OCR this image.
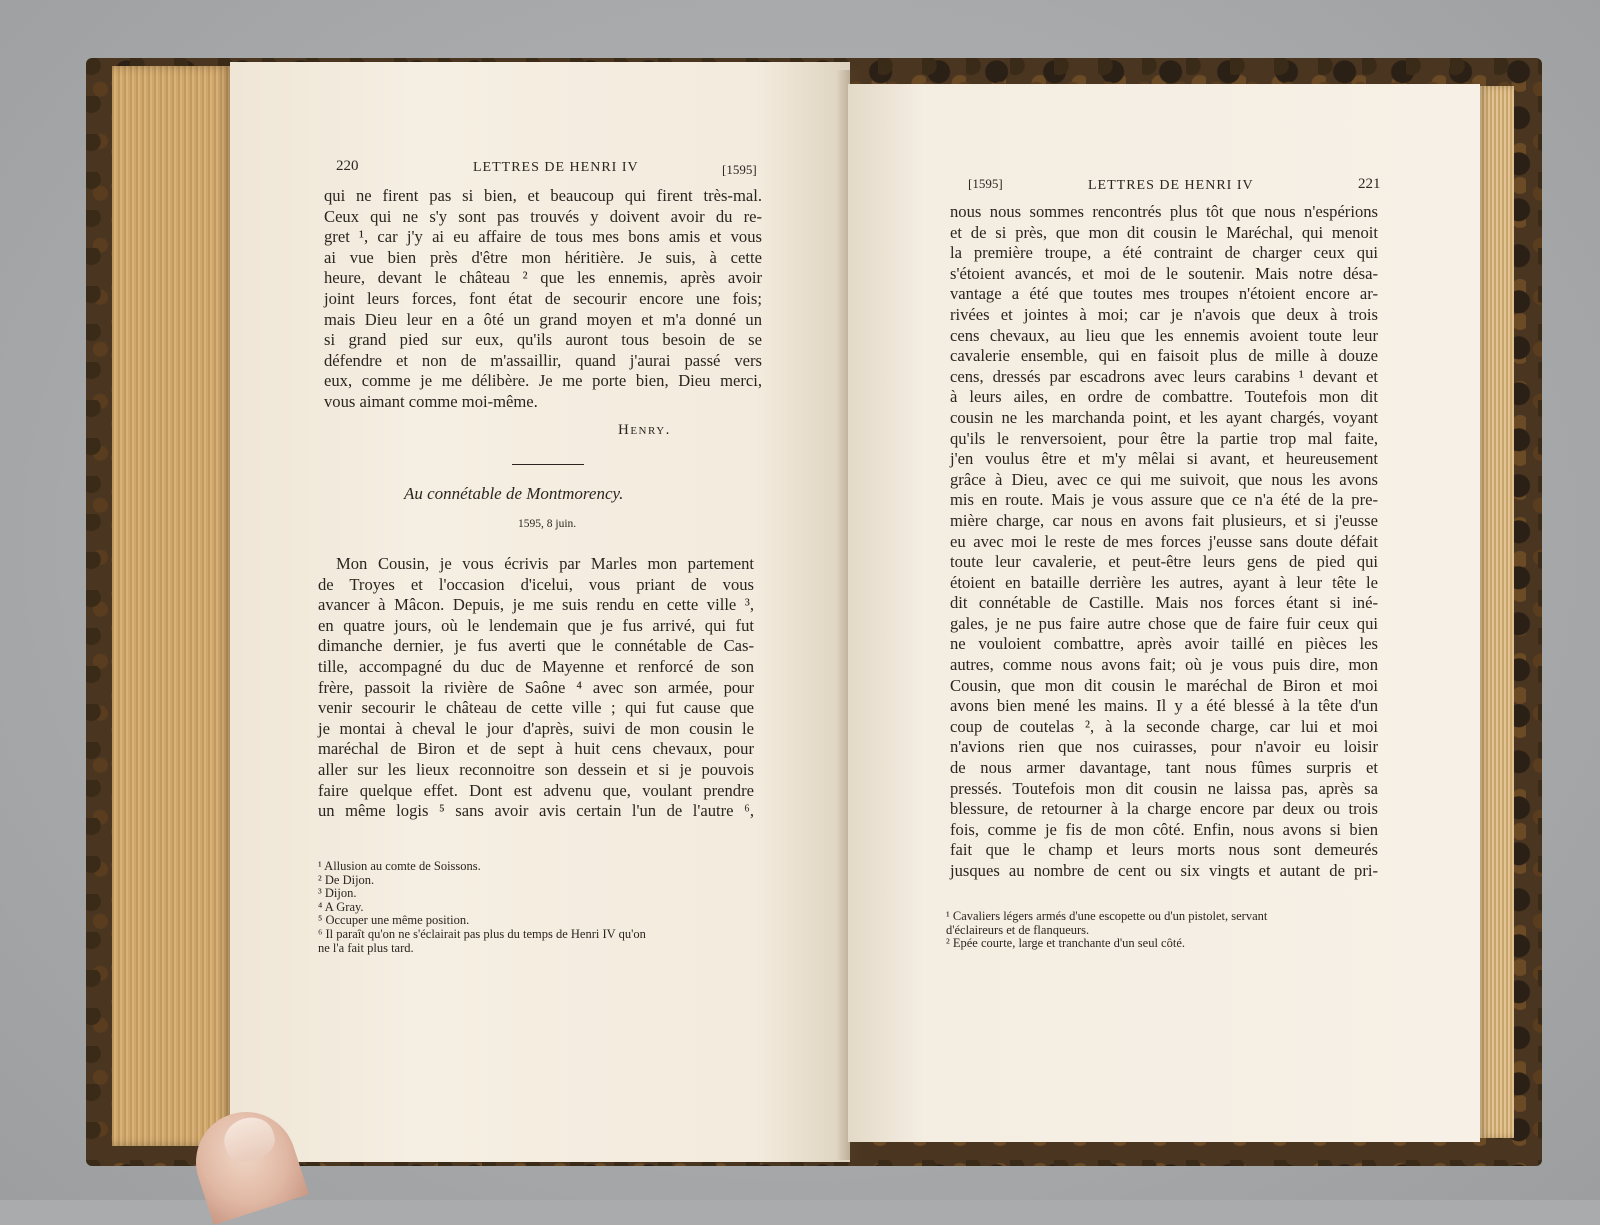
220	LETTRES DE HENRI IV	[1595]
qui ne firent pas si bien, et beaucoup qui firent très-mal.
Ceux qui ne s'y sont pas trouvés y doivent avoir du re-
gret ¹, car j'y ai eu affaire de tous mes bons amis et vous
ai vue bien près d'être mon héritière. Je suis, à cette
heure, devant le château ² que les ennemis, après avoir
joint leurs forces, font état de secourir encore une fois;
mais Dieu leur en a ôté un grand moyen et m'a donné un
si grand pied sur eux, qu'ils auront tous besoin de se
défendre et non de m'assaillir, quand j'aurai passé vers
eux, comme je me délibère. Je me porte bien, Dieu merci,
vous aimant comme moi-même.
Henry.
Au connétable de Montmorency.
1595, 8 juin.
Mon Cousin, je vous écrivis par Marles mon partement
de Troyes et l'occasion d'icelui, vous priant de vous
avancer à Mâcon. Depuis, je me suis rendu en cette ville ³,
en quatre jours, où le lendemain que je fus arrivé, qui fut
dimanche dernier, je fus averti que le connétable de Cas-
tille, accompagné du duc de Mayenne et renforcé de son
frère, passoit la rivière de Saône ⁴ avec son armée, pour
venir secourir le château de cette ville ; qui fut cause que
je montai à cheval le jour d'après, suivi de mon cousin le
maréchal de Biron et de sept à huit cens chevaux, pour
aller sur les lieux reconnoitre son dessein et si je pouvois
faire quelque effet. Dont est advenu que, voulant prendre
un même logis ⁵ sans avoir avis certain l'un de l'autre ⁶,
¹ Allusion au comte de Soissons.
² De Dijon.
³ Dijon.
⁴ A Gray.
⁵ Occuper une même position.
⁶ Il paraît qu'on ne s'éclairait pas plus du temps de Henri IV qu'on
ne l'a fait plus tard.
[1595]	LETTRES DE HENRI IV	221
nous nous sommes rencontrés plus tôt que nous n'espérions
et de si près, que mon dit cousin le Maréchal, qui menoit
la première troupe, a été contraint de charger ceux qui
s'étoient avancés, et moi de le soutenir. Mais notre désa-
vantage a été que toutes mes troupes n'étoient encore ar-
rivées et jointes à moi; car je n'avois que deux à trois
cens chevaux, au lieu que les ennemis avoient toute leur
cavalerie ensemble, qui en faisoit plus de mille à douze
cens, dressés par escadrons avec leurs carabins ¹ devant et
à leurs ailes, en ordre de combattre. Toutefois mon dit
cousin ne les marchanda point, et les ayant chargés, voyant
qu'ils le renversoient, pour être la partie trop mal faite,
j'en voulus être et m'y mêlai si avant, et heureusement
grâce à Dieu, avec ce qui me suivoit, que nous les avons
mis en route. Mais je vous assure que ce n'a été de la pre-
mière charge, car nous en avons fait plusieurs, et si j'eusse
eu avec moi le reste de mes forces j'eusse sans doute défait
toute leur cavalerie, et peut-être leurs gens de pied qui
étoient en bataille derrière les autres, ayant à leur tête le
dit connétable de Castille. Mais nos forces étant si iné-
gales, je ne pus faire autre chose que de faire fuir ceux qui
ne vouloient combattre, après avoir taillé en pièces les
autres, comme nous avons fait; où je vous puis dire, mon
Cousin, que mon dit cousin le maréchal de Biron et moi
avons bien mené les mains. Il y a été blessé à la tête d'un
coup de coutelas ², à la seconde charge, car lui et moi
n'avions rien que nos cuirasses, pour n'avoir eu loisir
de nous armer davantage, tant nous fûmes surpris et
pressés. Toutefois mon dit cousin ne laissa pas, après sa
blessure, de retourner à la charge encore par deux ou trois
fois, comme je fis de mon côté. Enfin, nous avons si bien
fait que le champ et leurs morts nous sont demeurés
jusques au nombre de cent ou six vingts et autant de pri-
¹ Cavaliers légers armés d'une escopette ou d'un pistolet, servant
d'éclaireurs et de flanqueurs.
² Epée courte, large et tranchante d'un seul côté.
